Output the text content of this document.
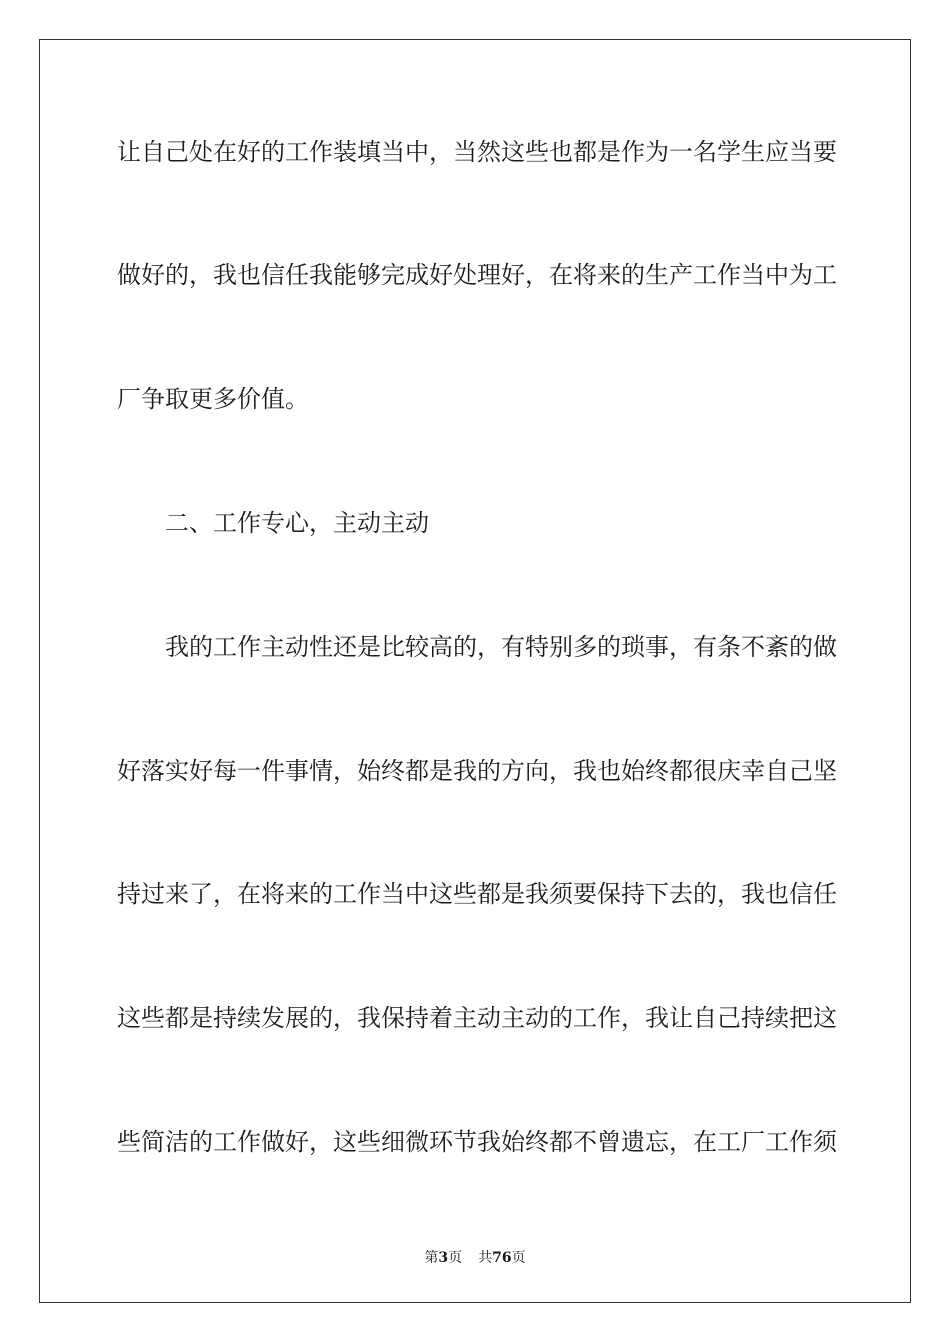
让自己处在好的工作装填当中，当然这些也都是作为一名学生应当要
做好的，我也信任我能够完成好处理好，在将来的生产工作当中为工
厂争取更多价值。
二、工作专心，主动主动
我的工作主动性还是比较高的，有特别多的琐事，有条不紊的做
好落实好每一件事情，始终都是我的方向，我也始终都很庆幸自己坚
持过来了，在将来的工作当中这些都是我须要保持下去的，我也信任
这些都是持续发展的，我保持着主动主动的工作，我让自己持续把这
些简洁的工作做好，这些细微环节我始终都不曾遗忘，在工厂工作须
第3页 共76页
